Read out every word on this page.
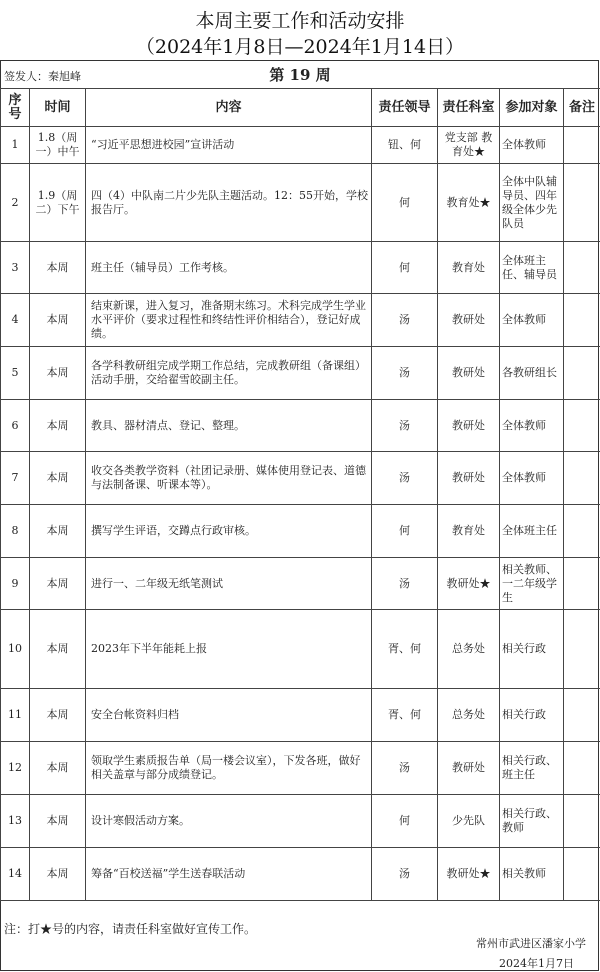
本周主要工作和活动安排
（2024年1月8日—2024年1月14日）
签发人：秦旭峰	第 19 周
序号	时间	内容	责任领导	责任科室	参加对象	备注
1	1.8（周一）中午	“习近平思想进校园”宣讲活动	钮、何	党支部 教育处★	全体教师	
2	1.9（周二）下午	四（4）中队南二片少先队主题活动。12：55开始，学校报告厅。	何	教育处★	全体中队辅导员、四年级全体少先队员	
3	本周	班主任（辅导员）工作考核。	何	教育处	全体班主任、辅导员	
4	本周	结束新课，进入复习，准备期末练习。术科完成学生学业水平评价（要求过程性和终结性评价相结合），登记好成绩。	汤	教研处	全体教师	
5	本周	各学科教研组完成学期工作总结，完成教研组（备课组）活动手册，交给翟雪皎副主任。	汤	教研处	各教研组长	
6	本周	教具、器材清点、登记、整理。	汤	教研处	全体教师	
7	本周	收交各类教学资料（社团记录册、媒体使用登记表、道德与法制备课、听课本等）。	汤	教研处	全体教师	
8	本周	撰写学生评语，交蹲点行政审核。	何	教育处	全体班主任	
9	本周	进行一、二年级无纸笔测试	汤	教研处★	相关教师、一二年级学生	
10	本周	2023年下半年能耗上报	胥、何	总务处	相关行政	
11	本周	安全台帐资料归档	胥、何	总务处	相关行政	
12	本周	领取学生素质报告单（局一楼会议室），下发各班，做好相关盖章与部分成绩登记。	汤	教研处	相关行政、班主任	
13	本周	设计寒假活动方案。	何	少先队	相关行政、教师	
14	本周	筹备“百校送福”学生送春联活动	汤	教研处★	相关教师	
注：打★号的内容，请责任科室做好宣传工作。
常州市武进区潘家小学
2024年1月7日
